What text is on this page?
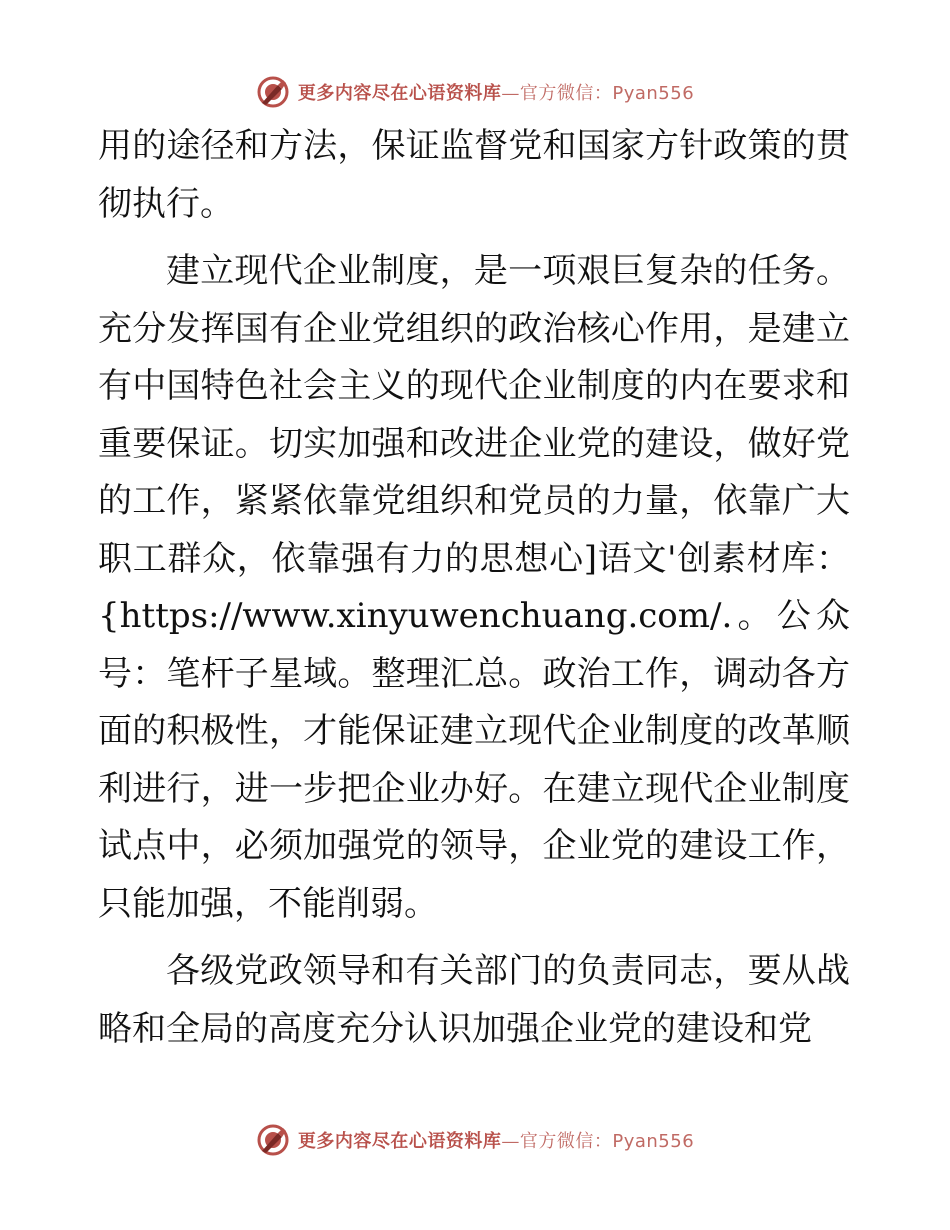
更多内容尽在心语资料库—官方微信：Pyan556

用的途径和方法，保证监督党和国家方针政策的贯彻执行。

建立现代企业制度，是一项艰巨复杂的任务。充分发挥国有企业党组织的政治核心作用，是建立有中国特色社会主义的现代企业制度的内在要求和重要保证。切实加强和改进企业党的建设，做好党的工作，紧紧依靠党组织和党员的力量，依靠广大职工群众，依靠强有力的思想心]语文'创素材库：{https://www.xinyuwenchuang.com/.。公众号：笔杆子星域。整理汇总。政治工作，调动各方面的积极性，才能保证建立现代企业制度的改革顺利进行，进一步把企业办好。在建立现代企业制度试点中，必须加强党的领导，企业党的建设工作，只能加强，不能削弱。

各级党政领导和有关部门的负责同志，要从战略和全局的高度充分认识加强企业党的建设和党

更多内容尽在心语资料库—官方微信：Pyan556
